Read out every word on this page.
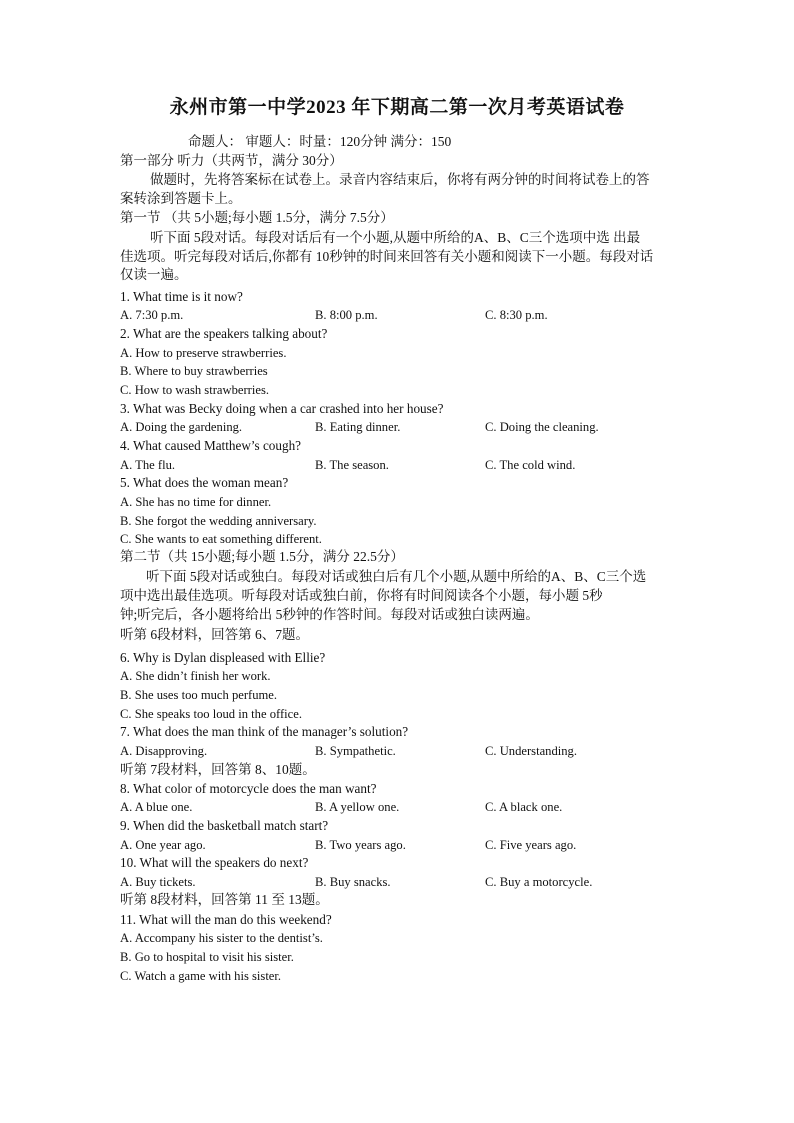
永州市第一中学2023 年下期高二第一次月考英语试卷
命题人： 审题人：时量：120分钟 满分：150
第一部分 听力（共两节，满分 30分）
做题时，先将答案标在试卷上。录音内容结束后，你将有两分钟的时间将试卷上的答
案转涂到答题卡上。
第一节 （共 5小题;每小题 1.5分，满分 7.5分）
听下面 5段对话。每段对话后有一个小题,从题中所给的A、B、C三个选项中选 出最
佳选项。听完每段对话后,你都有 10秒钟的时间来回答有关小题和阅读下一小题。每段对话
仅读一遍。
1. What time is it now?
A. 7:30 p.m.	B. 8:00 p.m.	C. 8:30 p.m.
2. What are the speakers talking about?
A. How to preserve strawberries.
B. Where to buy strawberries
C. How to wash strawberries.
3. What was Becky doing when a car crashed into her house?
A. Doing the gardening.	B. Eating dinner.	C. Doing the cleaning.
4. What caused Matthew’s cough?
A. The flu.	B. The season.	C. The cold wind.
5. What does the woman mean?
A. She has no time for dinner.
B. She forgot the wedding anniversary.
C. She wants to eat something different.
第二节（共 15小题;每小题 1.5分，满分 22.5分）
听下面 5段对话或独白。每段对话或独白后有几个小题,从题中所给的A、B、C三个选
项中选出最佳选项。听每段对话或独白前，你将有时间阅读各个小题，每小题 5秒
钟;听完后，各小题将给出 5秒钟的作答时间。每段对话或独白读两遍。
听第 6段材料，回答第 6、7题。
6. Why is Dylan displeased with Ellie?
A. She didn’t finish her work.
B. She uses too much perfume.
C. She speaks too loud in the office.
7. What does the man think of the manager’s solution?
A. Disapproving.	B. Sympathetic.	C. Understanding.
听第 7段材料，回答第 8、10题。
8. What color of motorcycle does the man want?
A. A blue one.	B. A yellow one.	C. A black one.
9. When did the basketball match start?
A. One year ago.	B. Two years ago.	C. Five years ago.
10. What will the speakers do next?
A. Buy tickets.	B. Buy snacks.	C. Buy a motorcycle.
听第 8段材料，回答第 11 至 13题。
11. What will the man do this weekend?
A. Accompany his sister to the dentist’s.
B. Go to hospital to visit his sister.
C. Watch a game with his sister.
